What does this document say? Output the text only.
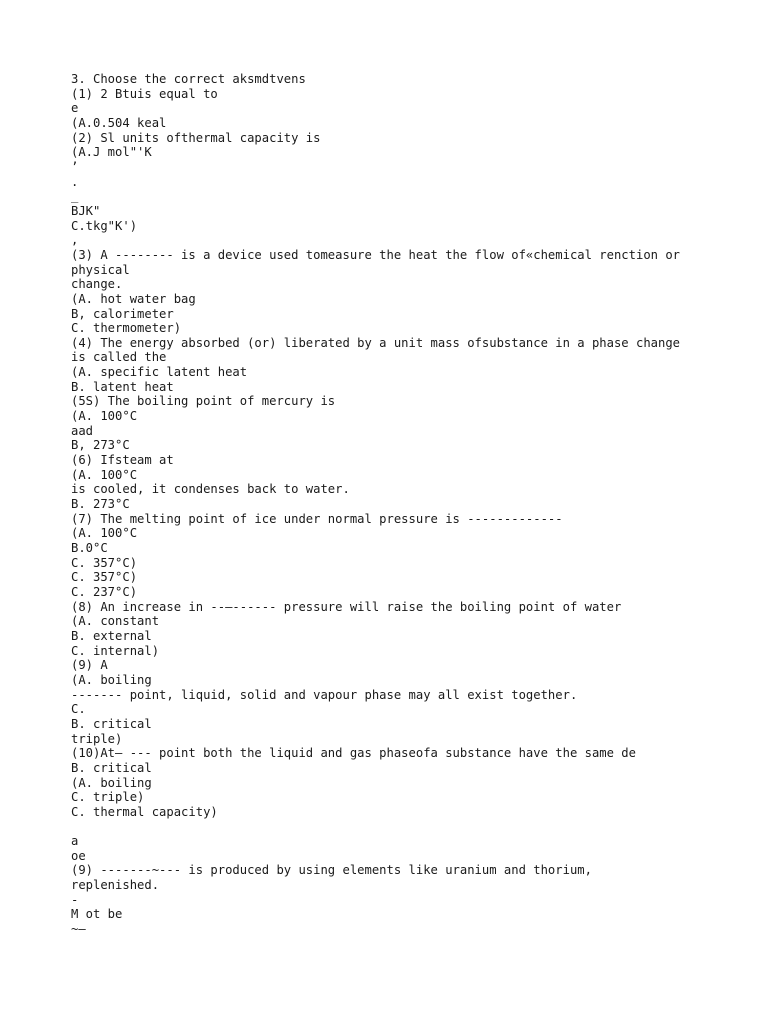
3. Choose the correct aksmdtvens
(1) 2 Btuis equal to
e
(A.0.504 keal
(2) Sl units ofthermal capacity is
(A.J mol"'K
’
.
_
BJK"
C.tkg"K')
,
(3) A -------- is a device used tomeasure the heat the flow of«chemical renction or
physical
change.
(A. hot water bag
B, calorimeter
C. thermometer)
(4) The energy absorbed (or) liberated by a unit mass ofsubstance in a phase change
is called the
(A. specific latent heat
B. latent heat
(5S) The boiling point of mercury is
(A. 100°C
aad
B, 273°C
(6) Ifsteam at
(A. 100°C
is cooled, it condenses back to water.
B. 273°C
(7) The melting point of ice under normal pressure is -------------
(A. 100°C
B.0°C
C. 357°C)
C. 357°C)
C. 237°C)
(8) An increase in --—------ pressure will raise the boiling point of water
(A. constant
B. external
C. internal)
(9) A
(A. boiling
------- point, liquid, solid and vapour phase may all exist together.
C.
B. critical
triple)
(10)At— --- point both the liquid and gas phaseofa substance have the same de
B. critical
(A. boiling
C. triple)
C. thermal capacity)
a
oe
(9) -------~--- is produced by using elements like uranium and thorium,
replenished.
-
M ot be
~—
